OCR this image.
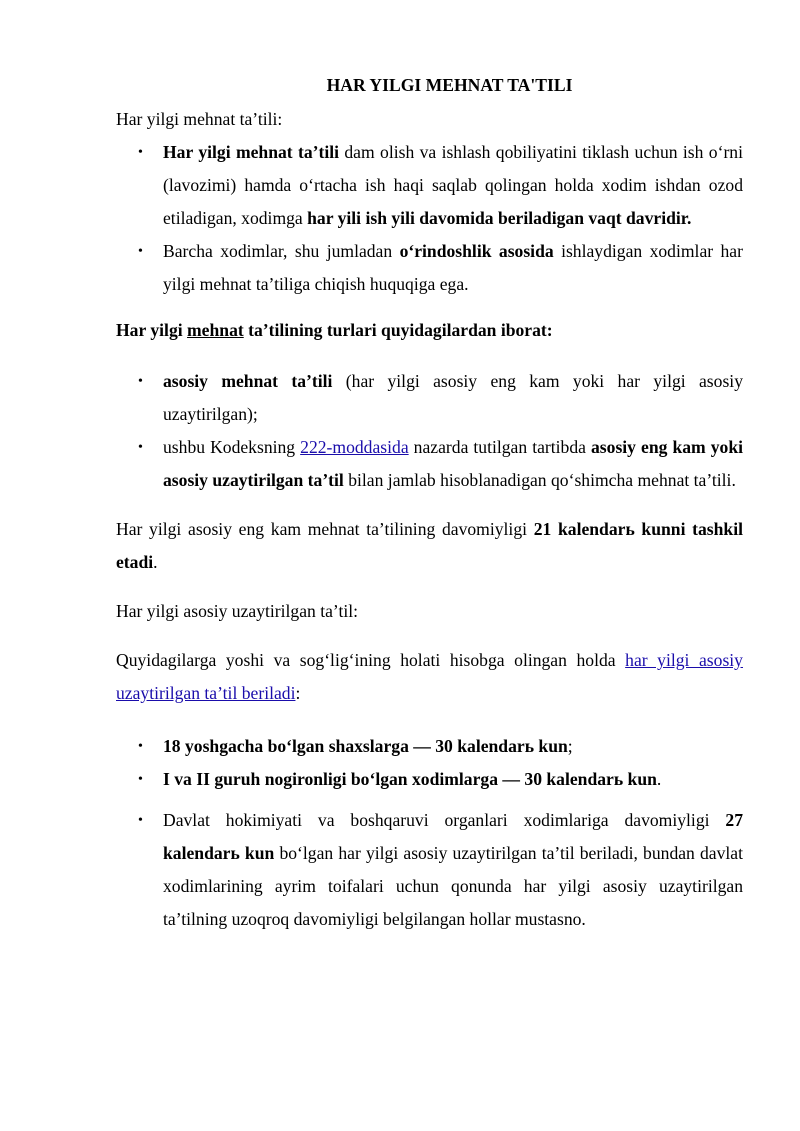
HAR YILGI MEHNAT TA'TILI

Har yilgi mehnat ta’tili:

• Har yilgi mehnat ta’tili dam olish va ishlash qobiliyatini tiklash uchun ish o‘rni (lavozimi) hamda o‘rtacha ish haqi saqlab qolingan holda xodim ishdan ozod etiladigan, xodimga har yili ish yili davomida beriladigan vaqt davridir.
• Barcha xodimlar, shu jumladan o‘rindoshlik asosida ishlaydigan xodimlar har yilgi mehnat ta’tiliga chiqish huquqiga ega.

Har yilgi mehnat ta’tilining turlari quyidagilardan iborat:

• asosiy mehnat ta’tili (har yilgi asosiy eng kam yoki har yilgi asosiy uzaytirilgan);
• ushbu Kodeksning 222-moddasida nazarda tutilgan tartibda asosiy eng kam yoki asosiy uzaytirilgan ta’til bilan jamlab hisoblanadigan qo‘shimcha mehnat ta’tili.

Har yilgi asosiy eng kam mehnat ta’tilining davomiyligi 21 kalendarь kunni tashkil etadi.

Har yilgi asosiy uzaytirilgan ta’til:

Quyidagilarga yoshi va sog‘lig‘ining holati hisobga olingan holda har yilgi asosiy uzaytirilgan ta’til beriladi:

• 18 yoshgacha bo‘lgan shaxslarga — 30 kalendarь kun;
• I va II guruh nogironligi bo‘lgan xodimlarga — 30 kalendarь kun.
• Davlat hokimiyati va boshqaruvi organlari xodimlariga davomiyligi 27 kalendarь kun bo‘lgan har yilgi asosiy uzaytirilgan ta’til beriladi, bundan davlat xodimlarining ayrim toifalari uchun qonunda har yilgi asosiy uzaytirilgan ta’tilning uzoqroq davomiyligi belgilangan hollar mustasno.
